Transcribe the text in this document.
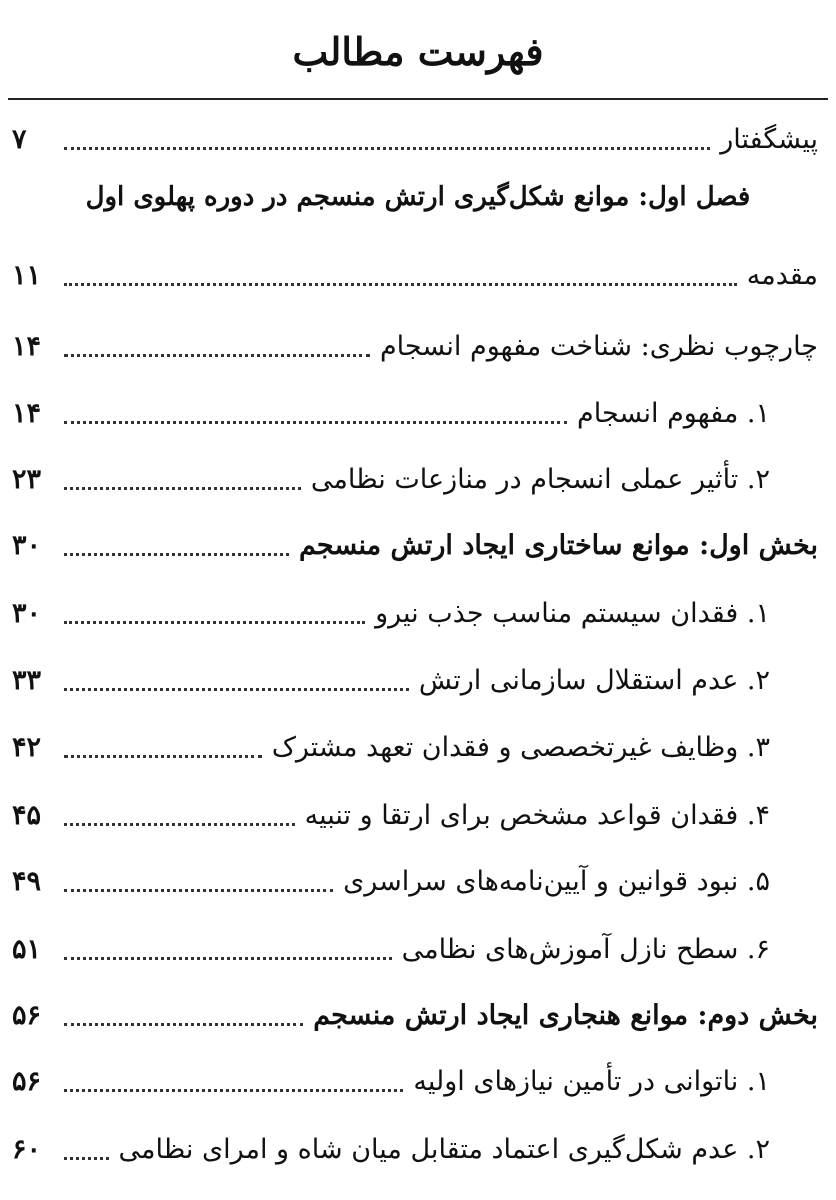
فهرست مطالب
فصل اول: موانع شکل‌گیری ارتش منسجم در دوره پهلوی اول
پیشگفتار
۷
مقدمه
۱۱
چارچوب نظری: شناخت مفهوم انسجام
۱۴
۱. مفهوم انسجام
۱۴
۲. تأثیر عملی انسجام در منازعات نظامی
۲۳
بخش اول: موانع ساختاری ایجاد ارتش منسجم
۳۰
۱. فقدان سیستم مناسب جذب نیرو
۳۰
۲. عدم استقلال سازمانی ارتش
۳۳
۳. وظایف غیرتخصصی و فقدان تعهد مشترک
۴۲
۴. فقدان قواعد مشخص برای ارتقا و تنبیه
۴۵
۵. نبود قوانین و آیین‌نامه‌های سراسری
۴۹
۶. سطح نازل آموزش‌های نظامی
۵۱
بخش دوم: موانع هنجاری ایجاد ارتش منسجم
۵۶
۱. ناتوانی در تأمین نیازهای اولیه
۵۶
۲. عدم شکل‌گیری اعتماد متقابل میان شاه و امرای نظامی
۶۰
